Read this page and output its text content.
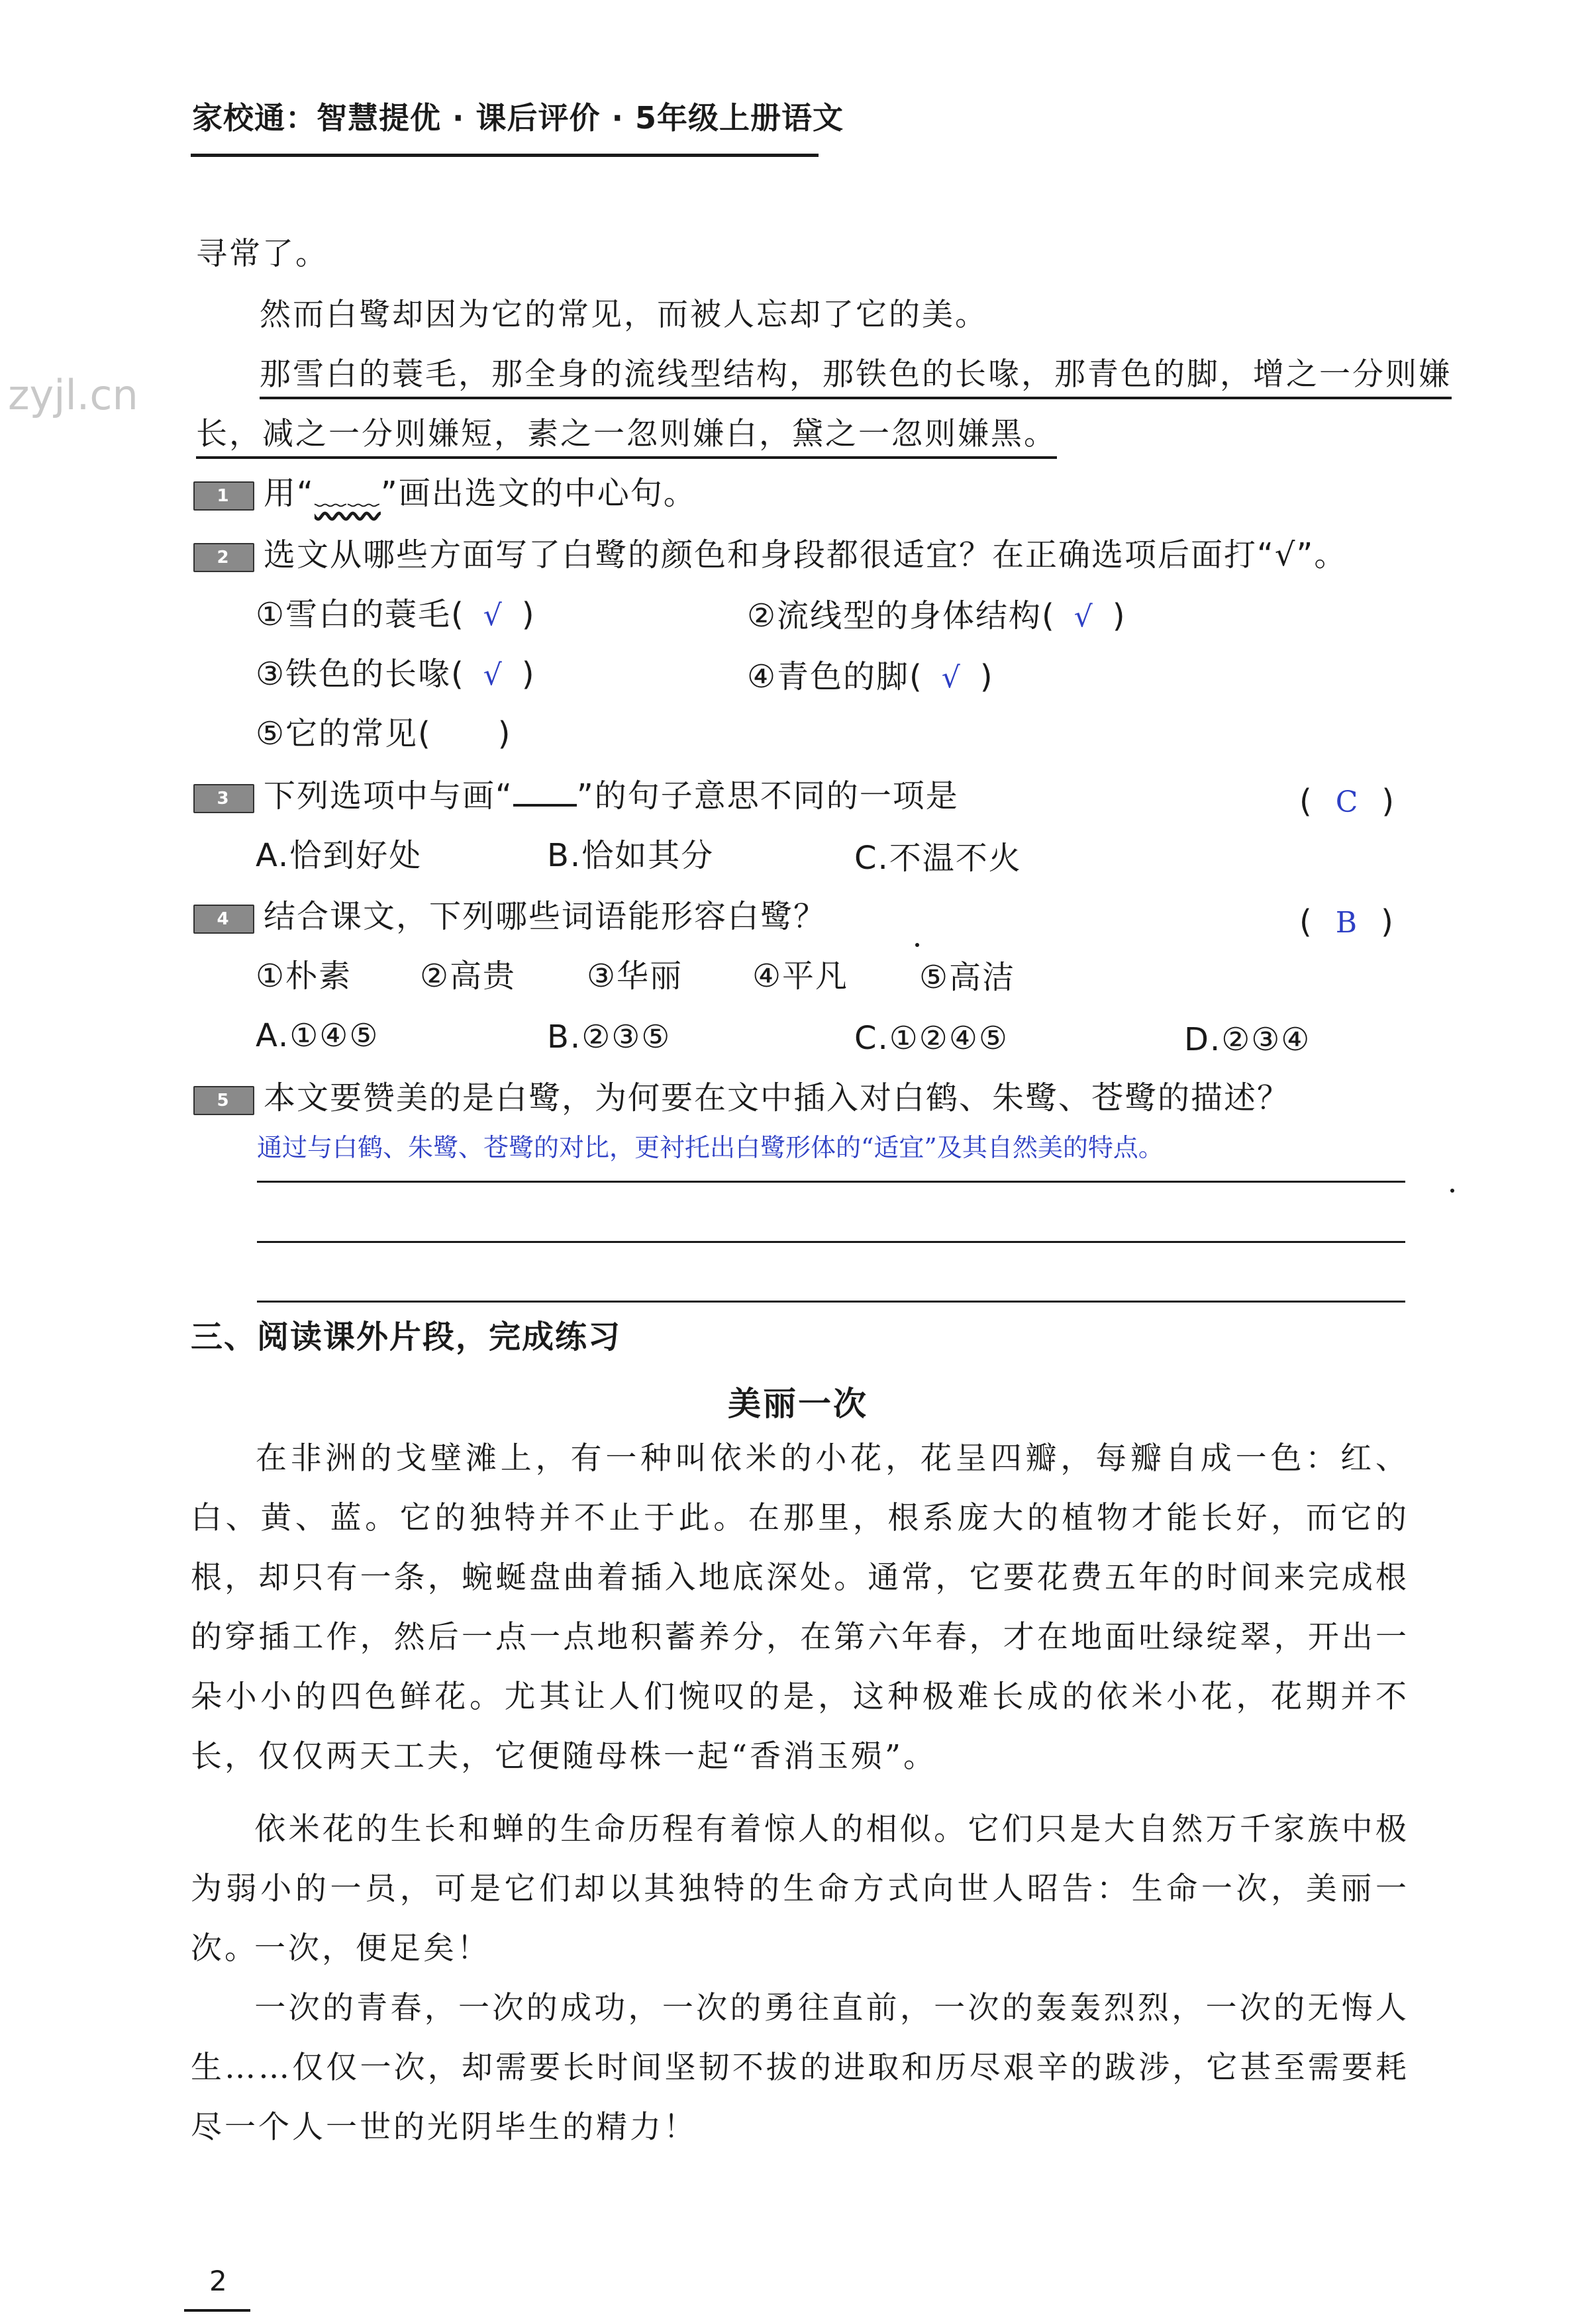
家校通：智慧提优 · 课后评价 · 5年级上册语文
zyjl.cn
寻常了。
然而白鹭却因为它的常见，而被人忘却了它的美。
那雪白的蓑毛，那全身的流线型结构，那铁色的长喙，那青色的脚，增之一分则嫌
长，减之一分则嫌短，素之一忽则嫌白，黛之一忽则嫌黑。
1 用“﹏﹏”画出选文的中心句。
2 选文从哪些方面写了白鹭的颜色和身段都很适宜？在正确选项后面打“√”。
①雪白的蓑毛( √ )	②流线型的身体结构( √ )
③铁色的长喙( √ )	④青色的脚( √ )
⑤它的常见( )
3 下列选项中与画“ ”的句子意思不同的一项是	( C )
A.恰到好处	B.恰如其分	C.不温不火
4 结合课文，下列哪些词语能形容白鹭？	( B )
①朴素 ②高贵 ③华丽 ④平凡 ⑤高洁
A.①④⑤	B.②③⑤	C.①②④⑤	D.②③④
5 本文要赞美的是白鹭，为何要在文中插入对白鹤、朱鹭、苍鹭的描述？
通过与白鹤、朱鹭、苍鹭的对比，更衬托出白鹭形体的“适宜”及其自然美的特点。
三、阅读课外片段，完成练习
美丽一次
在非洲的戈壁滩上，有一种叫依米的小花，花呈四瓣，每瓣自成一色：红、白、黄、蓝。它的独特并不止于此。在那里，根系庞大的植物才能长好，而它的根，却只有一条，蜿蜒盘曲着插入地底深处。通常，它要花费五年的时间来完成根的穿插工作，然后一点一点地积蓄养分，在第六年春，才在地面吐绿绽翠，开出一朵小小的四色鲜花。尤其让人们惋叹的是，这种极难长成的依米小花，花期并不长，仅仅两天工夫，它便随母株一起“香消玉殒”。
依米花的生长和蝉的生命历程有着惊人的相似。它们只是大自然万千家族中极为弱小的一员，可是它们却以其独特的生命方式向世人昭告：生命一次，美丽一次。
一次，便足矣！
一次的青春，一次的成功，一次的勇往直前，一次的轰轰烈烈，一次的无悔人生……仅仅一次，却需要长时间坚韧不拔的进取和历尽艰辛的跋涉，它甚至需要耗尽一个人一世的光阴毕生的精力！
2
